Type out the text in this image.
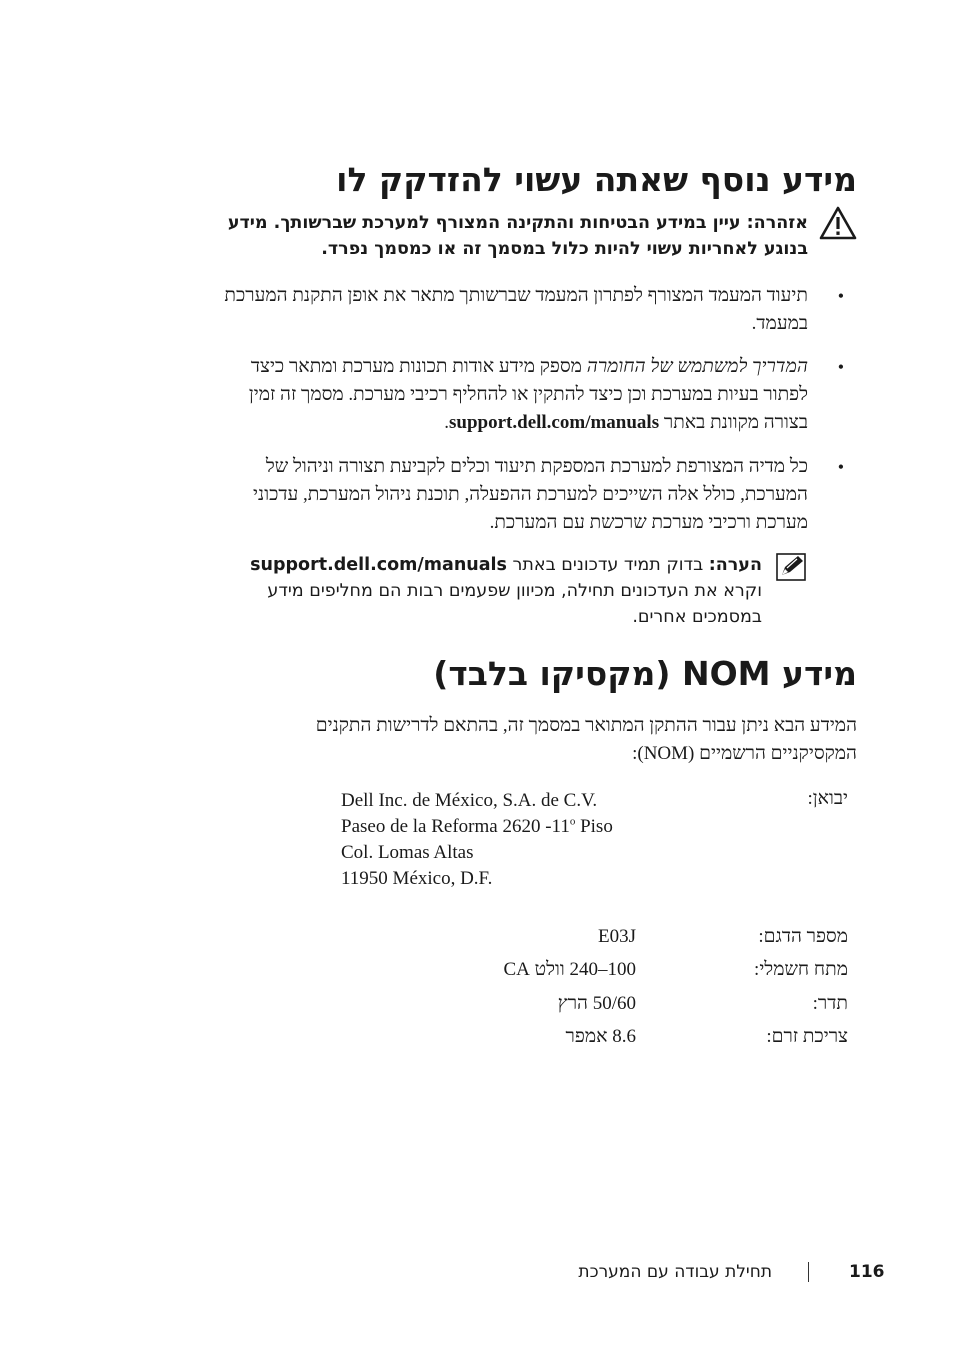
מידע נוסף שאתה עשוי להזדקק לו
אזהרה: עיין במידע הבטיחות והתקינה המצורף למערכת שברשותך. מידע
בנוגע לאחריות עשוי להיות כלול במסמך זה או כמסמך נפרד.
•
תיעוד המעמד המצורף לפתרון המעמד שברשותך מתאר את אופן התקנת המערכת
במעמד.
•
המדריך למשתמש של החומרה מספק מידע אודות תכונות מערכת ומתאר כיצד
לפתור בעיות במערכת וכן כיצד להתקין או להחליף רכיבי מערכת. מסמך זה זמין
בצורה מקוונת באתר support.dell.com/manuals.
•
כל מדיה המצורפת למערכת המספקת תיעוד וכלים לקביעת תצורה וניהול של
המערכת, כולל אלה השייכים למערכת ההפעלה, תוכנת ניהול המערכת, עדכוני
מערכת ורכיבי מערכת שרכשת עם המערכת.
הערה: בדוק תמיד עדכונים באתר support.dell.com/manuals
וקרא את העדכונים תחילה, מכיוון שפעמים רבות הם מחליפים מידע
במסמכים אחרים.
מידע NOM (מקסיקו בלבד)
המידע הבא ניתן עבור ההתקן המתואר במסמך זה, בהתאם לדרישות התקנים
המקסיקניים הרשמיים (NOM):
יבואן:
Dell Inc. de México, S.A. de C.V.
Paseo de la Reforma 2620 -11$^o$ Piso
Col. Lomas Altas
11950 México, D.F.
מספר הדגם:
E03J
מתח חשמלי:
100–240 וולט CA
תדר:
50/60 הרץ
צריכת זרם:
8.6 אמפר
תחילת עבודה עם המערכת	116
